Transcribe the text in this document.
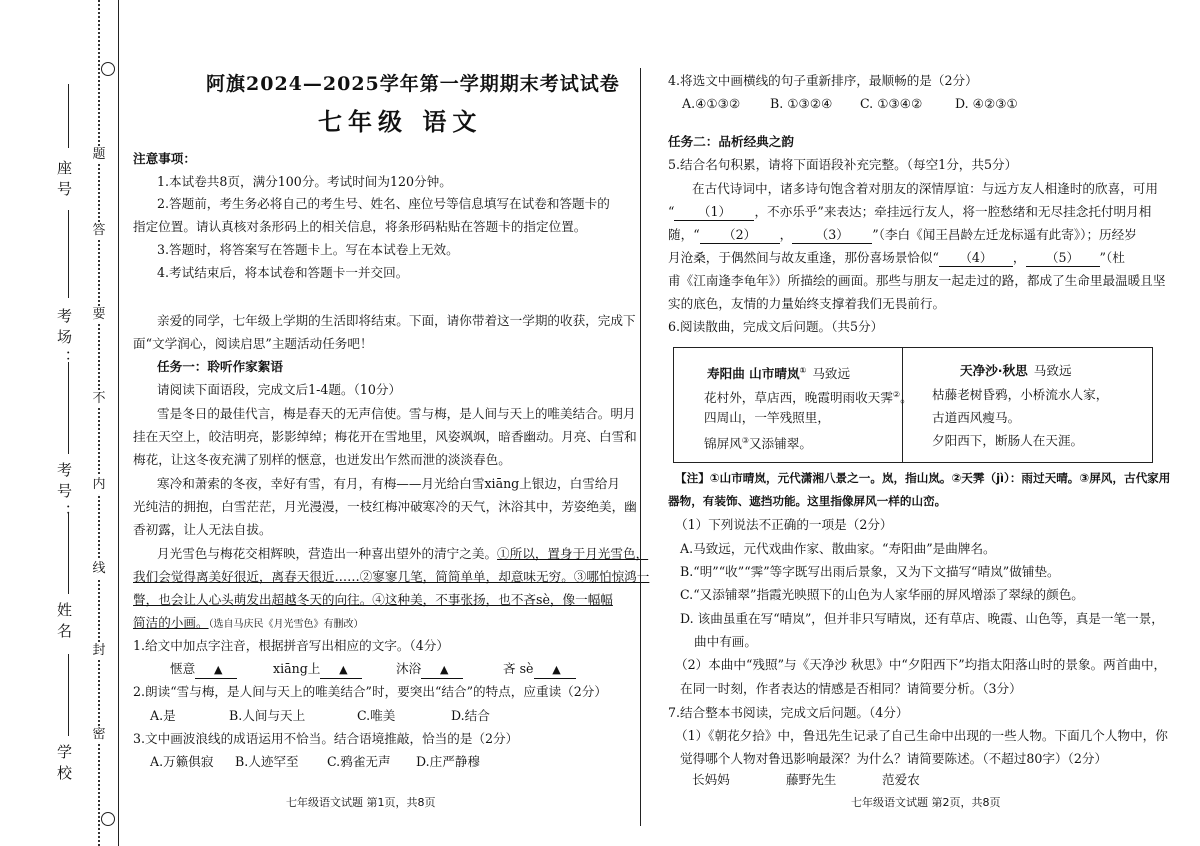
题
答
要
不
内
线
封
密
座号
考场：
考号：
姓名
学校
阿旗2024—2025学年第一学期期末考试试卷
七年级 语文
注意事项：
1.本试卷共8页，满分100分。考试时间为120分钟。
2.答题前，考生务必将自己的考生号、姓名、座位号等信息填写在试卷和答题卡的
指定位置。请认真核对条形码上的相关信息，将条形码粘贴在答题卡的指定位置。
3.答题时，将答案写在答题卡上。写在本试卷上无效。
4.考试结束后，将本试卷和答题卡一并交回。
亲爱的同学，七年级上学期的生活即将结束。下面，请你带着这一学期的收获，完成下
面“文学润心，阅读启思”主题活动任务吧！
任务一：聆听作家絮语
请阅读下面语段，完成文后1-4题。（10分）
雪是冬日的最佳代言，梅是春天的无声信使。雪与梅，是人间与天上的唯美结合。明月
挂在天空上，皎洁明亮，影影绰绰；梅花开在雪地里，风姿飒飒，暗香幽动。月亮、白雪和
梅花，让这冬夜充满了别样的惬意，也迸发出乍然而泄的淡淡春色。
寒冷和萧索的冬夜，幸好有雪，有月，有梅——月光给白雪xiāng上银边，白雪给月
光纯洁的拥抱，白雪茫茫，月光漫漫，一枝红梅冲破寒冷的天气，沐浴其中，芳姿绝美，幽
香初露，让人无法自拔。
月光雪色与梅花交相辉映，营造出一种喜出望外的清宁之美。①所以，置身于月光雪色，
我们会觉得离美好很近，离春天很近……②寥寥几笔，简简单单，却意味无穷。③哪怕惊鸿一
瞥，也会让人心头萌发出超越冬天的向往。④这种美，不事张扬，也不吝sè，像一幅幅
简洁的小画。（选自马庆民《月光雪色》有删改）
1.给文中加点字注音，根据拼音写出相应的文字。（4分）
惬意 ▲	xiāng上 ▲	沐浴 ▲	吝 sè ▲
2.朗读“雪与梅，是人间与天上的唯美结合”时，要突出“结合”的特点，应重读（2分）
A.是	B.人间与天上	C.唯美	D.结合
3.文中画波浪线的成语运用不恰当。结合语境推敲，恰当的是（2分）
A.万籁俱寂 B.人迹罕至 C.鸦雀无声 D.庄严静穆
七年级语文试题 第1页，共8页
4.将选文中画横线的句子重新排序，最顺畅的是（2分）
A.④①③② B. ①③②④ C. ①③④②	D. ④②③①
任务二：品析经典之韵
5.结合名句积累，请将下面语段补充完整。（每空1分，共5分）
在古代诗词中，诸多诗句饱含着对朋友的深情厚谊：与远方友人相逢时的欣喜，可用
“ （1） ，不亦乐乎”来表达；牵挂远行友人，将一腔愁绪和无尽挂念托付明月相
随，“ （2） ， （3） ”（李白《闻王昌龄左迁龙标遥有此寄》）；历经岁
月沧桑，于偶然间与故友重逢，那份喜场景恰似“ （4） ， （5） ”（杜
甫《江南逢李龟年》）所描绘的画面。那些与朋友一起走过的路，都成了生命里最温暖且坚
实的底色，友情的力量始终支撑着我们无畏前行。
6.阅读散曲，完成文后问题。（共5分）
寿阳曲 山市晴岚① 马致远
花村外，草店西，晚霞明雨收天霁②。
四周山，一竿残照里，
锦屏风③又添铺翠。
天净沙·秋思 马致远
枯藤老树昏鸦，小桥流水人家，
古道西风瘦马。
夕阳西下，断肠人在天涯。
【注】①山市晴岚，元代潇湘八景之一。岚，指山岚。②天霁（jì）：雨过天晴。③屏风，古代家用
器物，有装饰、遮挡功能。这里指像屏风一样的山峦。
（1）下列说法不正确的一项是（2分）
A.马致远，元代戏曲作家、散曲家。“寿阳曲”是曲牌名。
B.“明”“收”“霁”等字既写出雨后景象，又为下文描写“晴岚”做铺垫。
C.“又添铺翠”指霞光映照下的山色为人家华丽的屏风增添了翠绿的颜色。
D. 该曲虽重在写“晴岚”，但并非只写晴岚，还有草店、晚霞、山色等，真是一笔一景，
曲中有画。
（2）本曲中“残照”与《天净沙 秋思》中“夕阳西下”均指太阳落山时的景象。两首曲中，
在同一时刻，作者表达的情感是否相同？请简要分析。（3分）
7.结合整本书阅读，完成文后问题。（4分）
（1）《朝花夕拾》中，鲁迅先生记录了自己生命中出现的一些人物。下面几个人物中，你
觉得哪个人物对鲁迅影响最深？为什么？请简要陈述。（不超过80字）（2分）
长妈妈	藤野先生	范爱农
七年级语文试题 第2页，共8页
